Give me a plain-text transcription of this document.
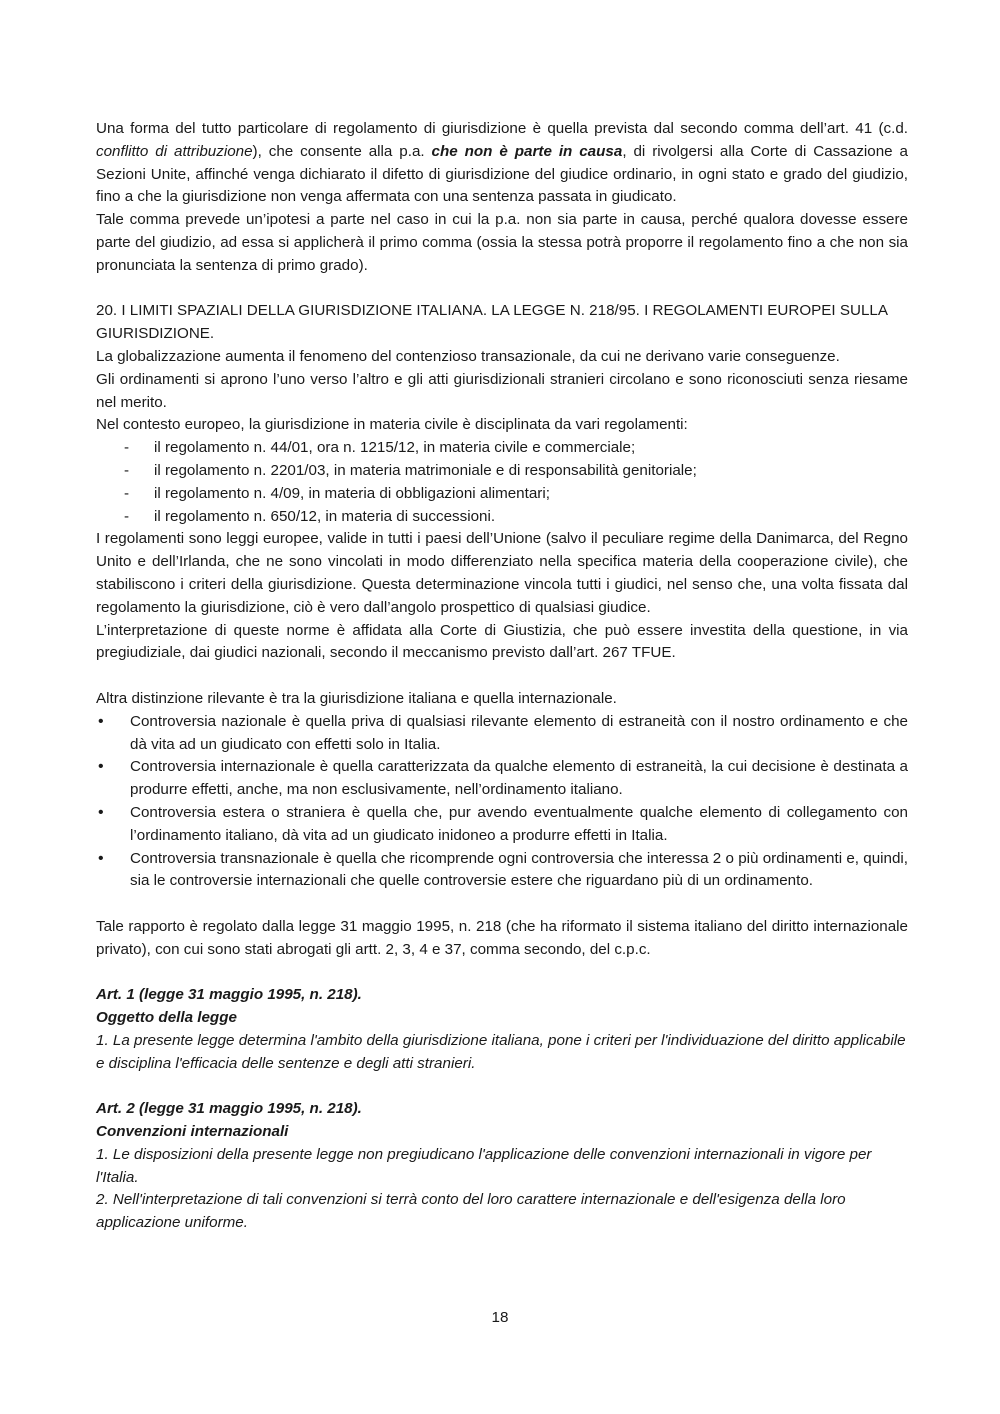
Una forma del tutto particolare di regolamento di giurisdizione è quella prevista dal secondo comma dell’art. 41 (c.d. conflitto di attribuzione), che consente alla p.a. che non è parte in causa, di rivolgersi alla Corte di Cassazione a Sezioni Unite, affinché venga dichiarato il difetto di giurisdizione del giudice ordinario, in ogni stato e grado del giudizio, fino a che la giurisdizione non venga affermata con una sentenza passata in giudicato.

Tale comma prevede un’ipotesi a parte nel caso in cui la p.a. non sia parte in causa, perché qualora dovesse essere parte del giudizio, ad essa si applicherà il primo comma (ossia la stessa potrà proporre il regolamento fino a che non sia pronunciata la sentenza di primo grado).

20. I LIMITI SPAZIALI DELLA GIURISDIZIONE ITALIANA. LA LEGGE N. 218/95. I REGOLAMENTI EUROPEI SULLA GIURISDIZIONE.

La globalizzazione aumenta il fenomeno del contenzioso transazionale, da cui ne derivano varie conseguenze.

Gli ordinamenti si aprono l’uno verso l’altro e gli atti giurisdizionali stranieri circolano e sono riconosciuti senza riesame nel merito.

Nel contesto europeo, la giurisdizione in materia civile è disciplinata da vari regolamenti:

- il regolamento n. 44/01, ora n. 1215/12, in materia civile e commerciale;
- il regolamento n. 2201/03, in materia matrimoniale e di responsabilità genitoriale;
- il regolamento n. 4/09, in materia di obbligazioni alimentari;
- il regolamento n. 650/12, in materia di successioni.

I regolamenti sono leggi europee, valide in tutti i paesi dell’Unione (salvo il peculiare regime della Danimarca, del Regno Unito e dell’Irlanda, che ne sono vincolati in modo differenziato nella specifica materia della cooperazione civile), che stabiliscono i criteri della giurisdizione. Questa determinazione vincola tutti i giudici, nel senso che, una volta fissata dal regolamento la giurisdizione, ciò è vero dall’angolo prospettico di qualsiasi giudice.

L’interpretazione di queste norme è affidata alla Corte di Giustizia, che può essere investita della questione, in via pregiudiziale, dai giudici nazionali, secondo il meccanismo previsto dall’art. 267 TFUE.

Altra distinzione rilevante è tra la giurisdizione italiana e quella internazionale.

• Controversia nazionale è quella priva di qualsiasi rilevante elemento di estraneità con il nostro ordinamento e che dà vita ad un giudicato con effetti solo in Italia.
• Controversia internazionale è quella caratterizzata da qualche elemento di estraneità, la cui decisione è destinata a produrre effetti, anche, ma non esclusivamente, nell’ordinamento italiano.
• Controversia estera o straniera è quella che, pur avendo eventualmente qualche elemento di collegamento con l’ordinamento italiano, dà vita ad un giudicato inidoneo a produrre effetti in Italia.
• Controversia transnazionale è quella che ricomprende ogni controversia che interessa 2 o più ordinamenti e, quindi, sia le controversie internazionali che quelle controversie estere che riguardano più di un ordinamento.

Tale rapporto è regolato dalla legge 31 maggio 1995, n. 218 (che ha riformato il sistema italiano del diritto internazionale privato), con cui sono stati abrogati gli artt. 2, 3, 4 e 37, comma secondo, del c.p.c.

Art. 1 (legge 31 maggio 1995, n. 218).

Oggetto della legge

1. La presente legge determina l'ambito della giurisdizione italiana, pone i criteri per l'individuazione del diritto applicabile e disciplina l'efficacia delle sentenze e degli atti stranieri.

Art. 2 (legge 31 maggio 1995, n. 218).

Convenzioni internazionali

1. Le disposizioni della presente legge non pregiudicano l'applicazione delle convenzioni internazionali in vigore per l'Italia.

2. Nell'interpretazione di tali convenzioni si terrà conto del loro carattere internazionale e dell'esigenza della loro applicazione uniforme.

18
